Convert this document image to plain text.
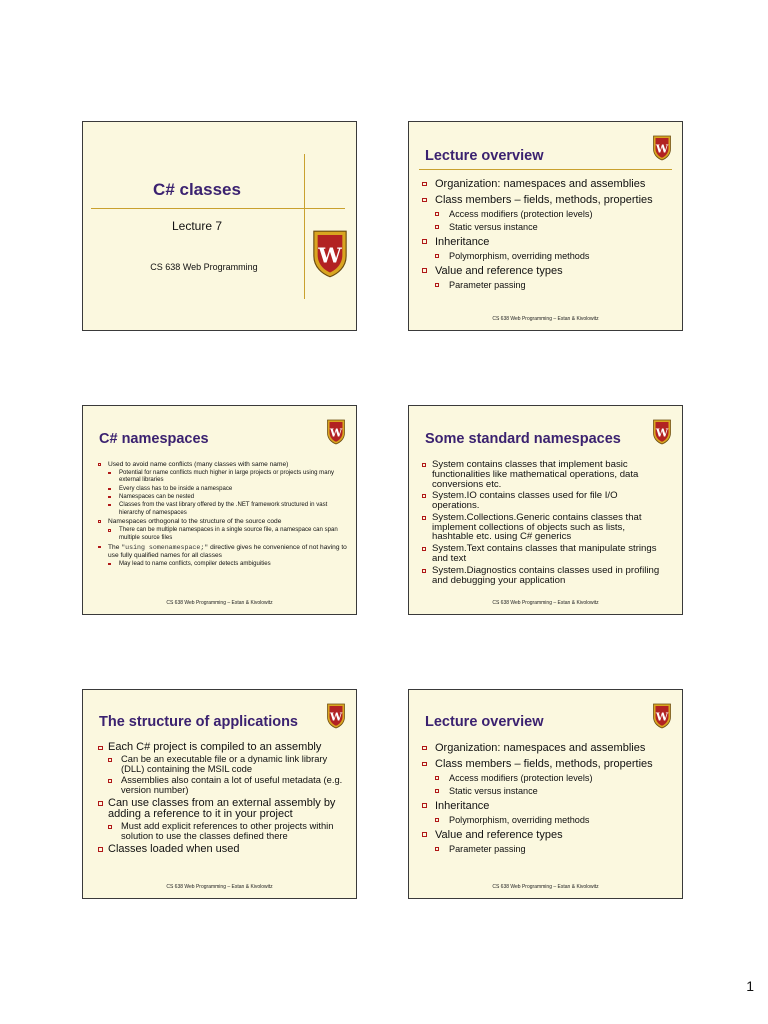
C# classes
Lecture 7
CS 638 Web Programming	W
Lecture overview	W
Organization: namespaces and assemblies
Class members – fields, methods, properties
Access modifiers (protection levels)
Static versus instance
Inheritance
Polymorphism, overriding methods
Value and reference types
Parameter passing
CS 638 Web Programming – Estan & Kivolowitz
C# namespaces	W
Used to avoid name conflicts (many classes with same name)
Potential for name conflicts much higher in large projects or projects using many external libraries
Every class has to be inside a namespace
Namespaces can be nested
Classes from the vast library offered by the .NET framework structured in vast hierarchy of namespaces
Namespaces orthogonal to the structure of the source code
There can be multiple namespaces in a single source file, a namespace can span multiple source files
The "using somenamespace;" directive gives he convenience of not having to use fully qualified names for all classes
May lead to name conflicts, compiler detects ambiguities
CS 638 Web Programming – Estan & Kivolowitz
Some standard namespaces W
System contains classes that implement basic functionalities like mathematical operations, data conversions etc.
System.IO contains classes used for file I/O operations.
System.Collections.Generic contains classes that implement collections of objects such as lists, hashtable etc. using C# generics
System.Text contains classes that manipulate strings and text
System.Diagnostics contains classes used in profiling and debugging your application
CS 638 Web Programming – Estan & Kivolowitz
The structure of applications W
Each C# project is compiled to an assembly
Can be an executable file or a dynamic link library (DLL) containing the MSIL code
Assemblies also contain a lot of useful metadata (e.g. version number)
Can use classes from an external assembly by adding a reference to it in your project
Must add explicit references to other projects within solution to use the classes defined there
Classes loaded when used
CS 638 Web Programming – Estan & Kivolowitz
Lecture overview	W
Organization: namespaces and assemblies
Class members – fields, methods, properties
Access modifiers (protection levels)
Static versus instance
Inheritance
Polymorphism, overriding methods
Value and reference types
Parameter passing
CS 638 Web Programming – Estan & Kivolowitz
1
